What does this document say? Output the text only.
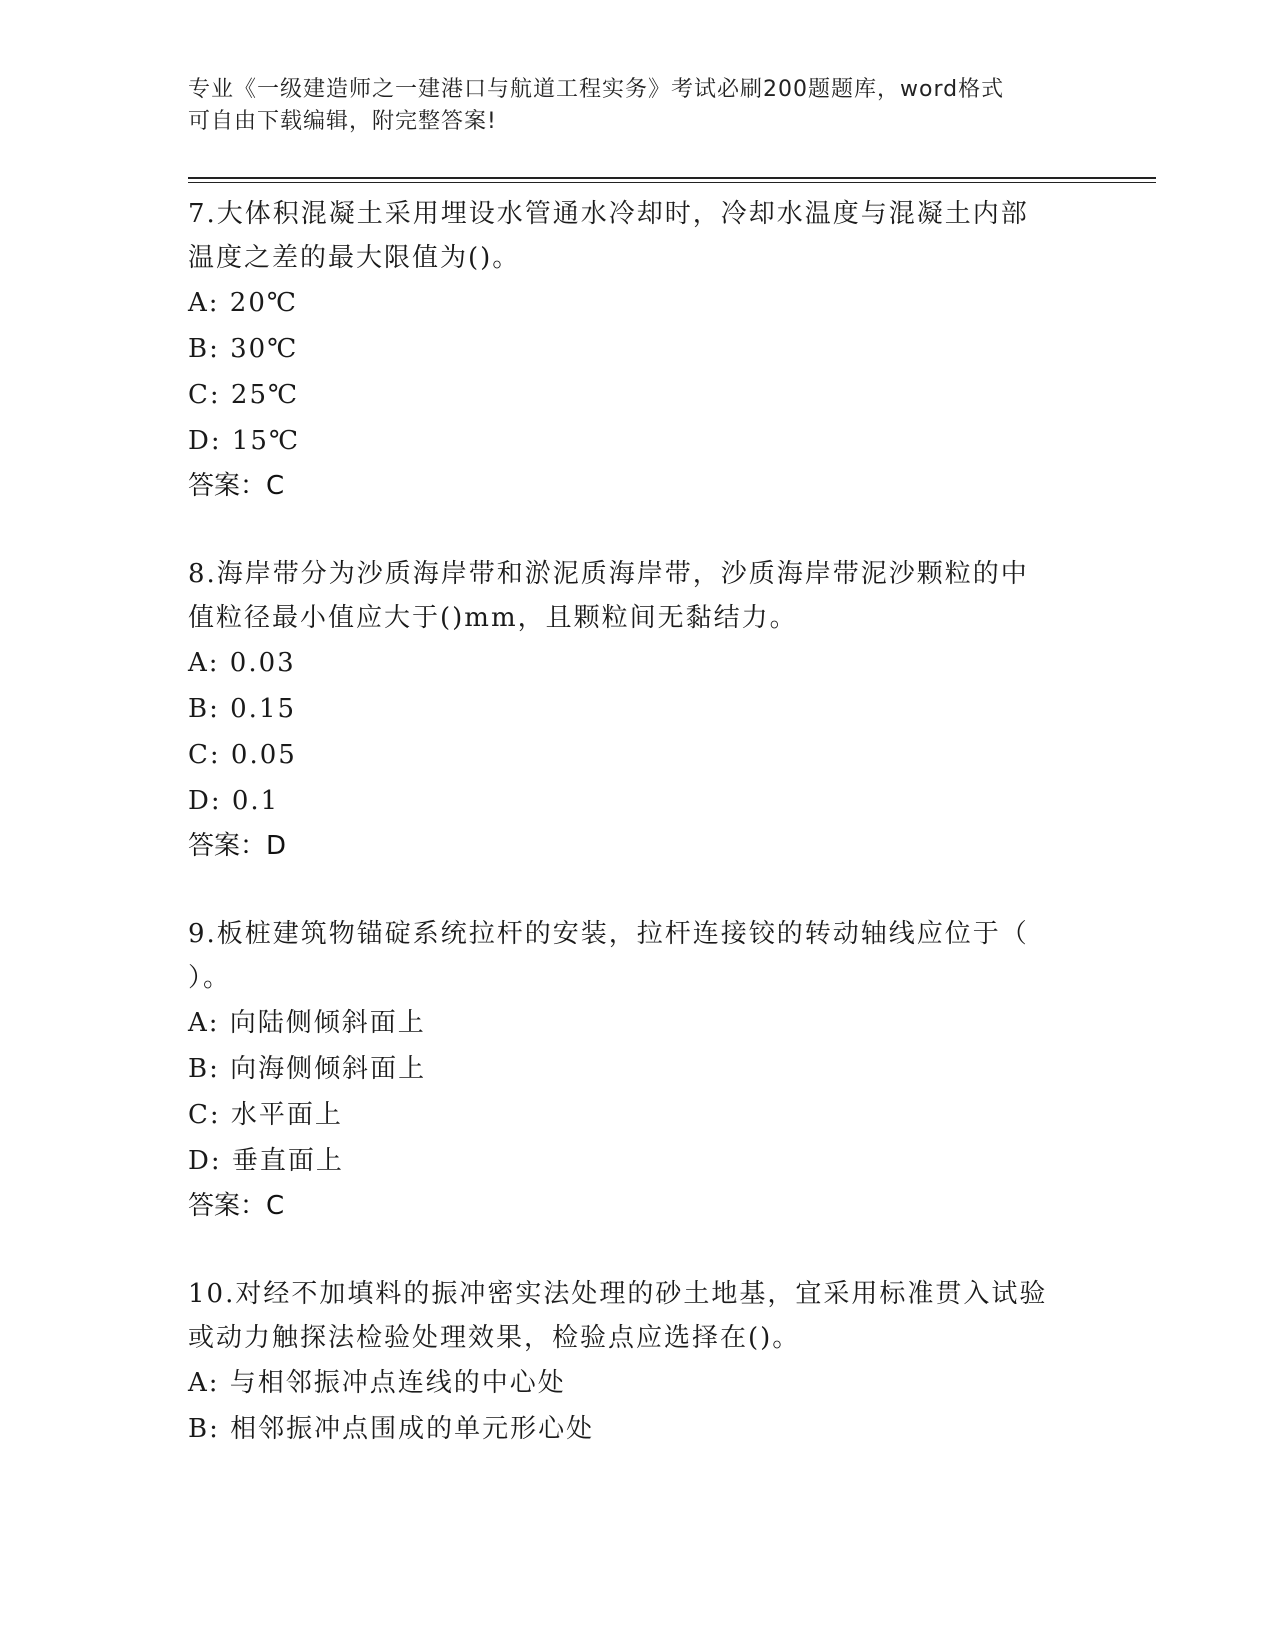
专业《一级建造师之一建港口与航道工程实务》考试必刷200题题库，word格式
可自由下载编辑，附完整答案!
7.大体积混凝土采用埋设水管通水冷却时，冷却水温度与混凝土内部
温度之差的最大限值为()。
A: 20℃
B: 30℃
C: 25℃
D: 15℃
答案：C
8.海岸带分为沙质海岸带和淤泥质海岸带，沙质海岸带泥沙颗粒的中
值粒径最小值应大于()mm，且颗粒间无黏结力。
A: 0.03
B: 0.15
C: 0.05
D: 0.1
答案：D
9.板桩建筑物锚碇系统拉杆的安装，拉杆连接铰的转动轴线应位于（
）。
A: 向陆侧倾斜面上
B: 向海侧倾斜面上
C: 水平面上
D: 垂直面上
答案：C
10.对经不加填料的振冲密实法处理的砂土地基，宜采用标准贯入试验
或动力触探法检验处理效果，检验点应选择在()。
A: 与相邻振冲点连线的中心处
B: 相邻振冲点围成的单元形心处
